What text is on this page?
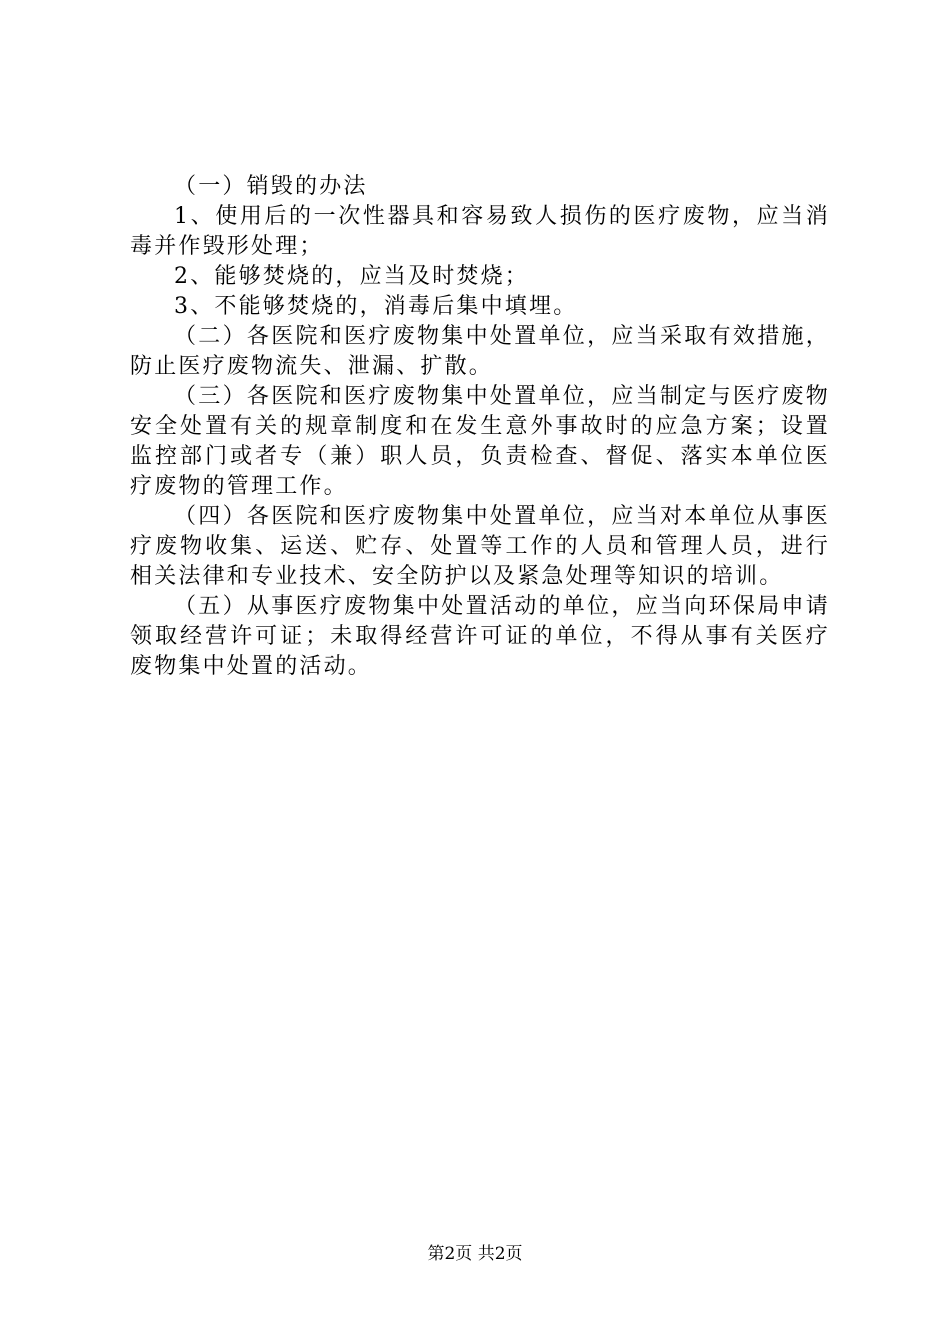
（一）销毁的办法

1、使用后的一次性器具和容易致人损伤的医疗废物，应当消毒并作毁形处理；

2、能够焚烧的，应当及时焚烧；

3、不能够焚烧的，消毒后集中填埋。

（二）各医院和医疗废物集中处置单位，应当采取有效措施，防止医疗废物流失、泄漏、扩散。

（三）各医院和医疗废物集中处置单位，应当制定与医疗废物安全处置有关的规章制度和在发生意外事故时的应急方案；设置监控部门或者专（兼）职人员，负责检查、督促、落实本单位医疗废物的管理工作。

（四）各医院和医疗废物集中处置单位，应当对本单位从事医疗废物收集、运送、贮存、处置等工作的人员和管理人员，进行相关法律和专业技术、安全防护以及紧急处理等知识的培训。

（五）从事医疗废物集中处置活动的单位，应当向环保局申请领取经营许可证；未取得经营许可证的单位，不得从事有关医疗废物集中处置的活动。

第2页 共2页
